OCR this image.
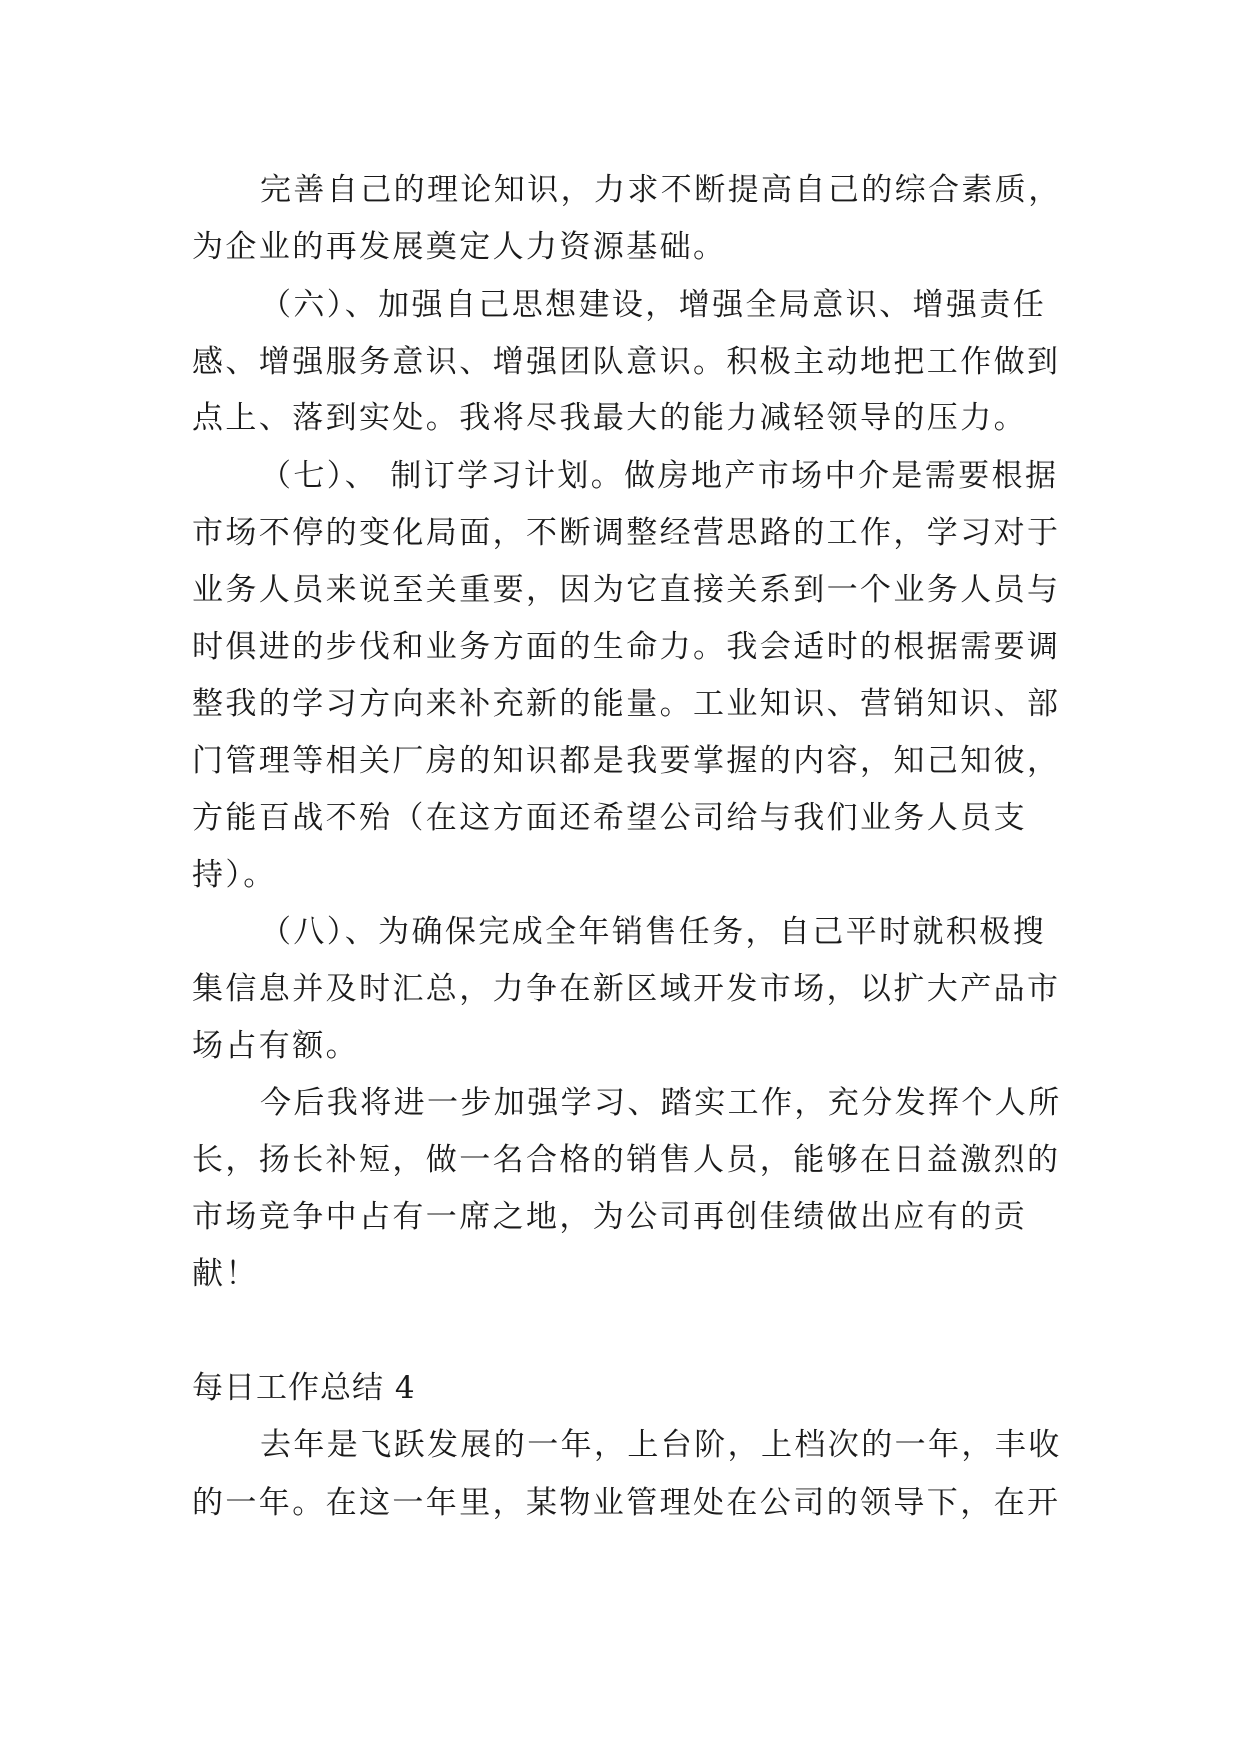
完善自己的理论知识，力求不断提高自己的综合素质，
为企业的再发展奠定人力资源基础。
（六）、加强自己思想建设，增强全局意识、增强责任
感、增强服务意识、增强团队意识。积极主动地把工作做到
点上、落到实处。我将尽我最大的能力减轻领导的压力。
（七）、 制订学习计划。做房地产市场中介是需要根据
市场不停的变化局面，不断调整经营思路的工作，学习对于
业务人员来说至关重要，因为它直接关系到一个业务人员与
时俱进的步伐和业务方面的生命力。我会适时的根据需要调
整我的学习方向来补充新的能量。工业知识、营销知识、部
门管理等相关厂房的知识都是我要掌握的内容，知己知彼，
方能百战不殆（在这方面还希望公司给与我们业务人员支
持）。
（八）、为确保完成全年销售任务，自己平时就积极搜
集信息并及时汇总，力争在新区域开发市场，以扩大产品市
场占有额。
今后我将进一步加强学习、踏实工作，充分发挥个人所
长，扬长补短，做一名合格的销售人员，能够在日益激烈的
市场竞争中占有一席之地，为公司再创佳绩做出应有的贡
献！
每日工作总结 4
去年是飞跃发展的一年，上台阶，上档次的一年，丰收
的一年。在这一年里，某物业管理处在公司的领导下，在开
